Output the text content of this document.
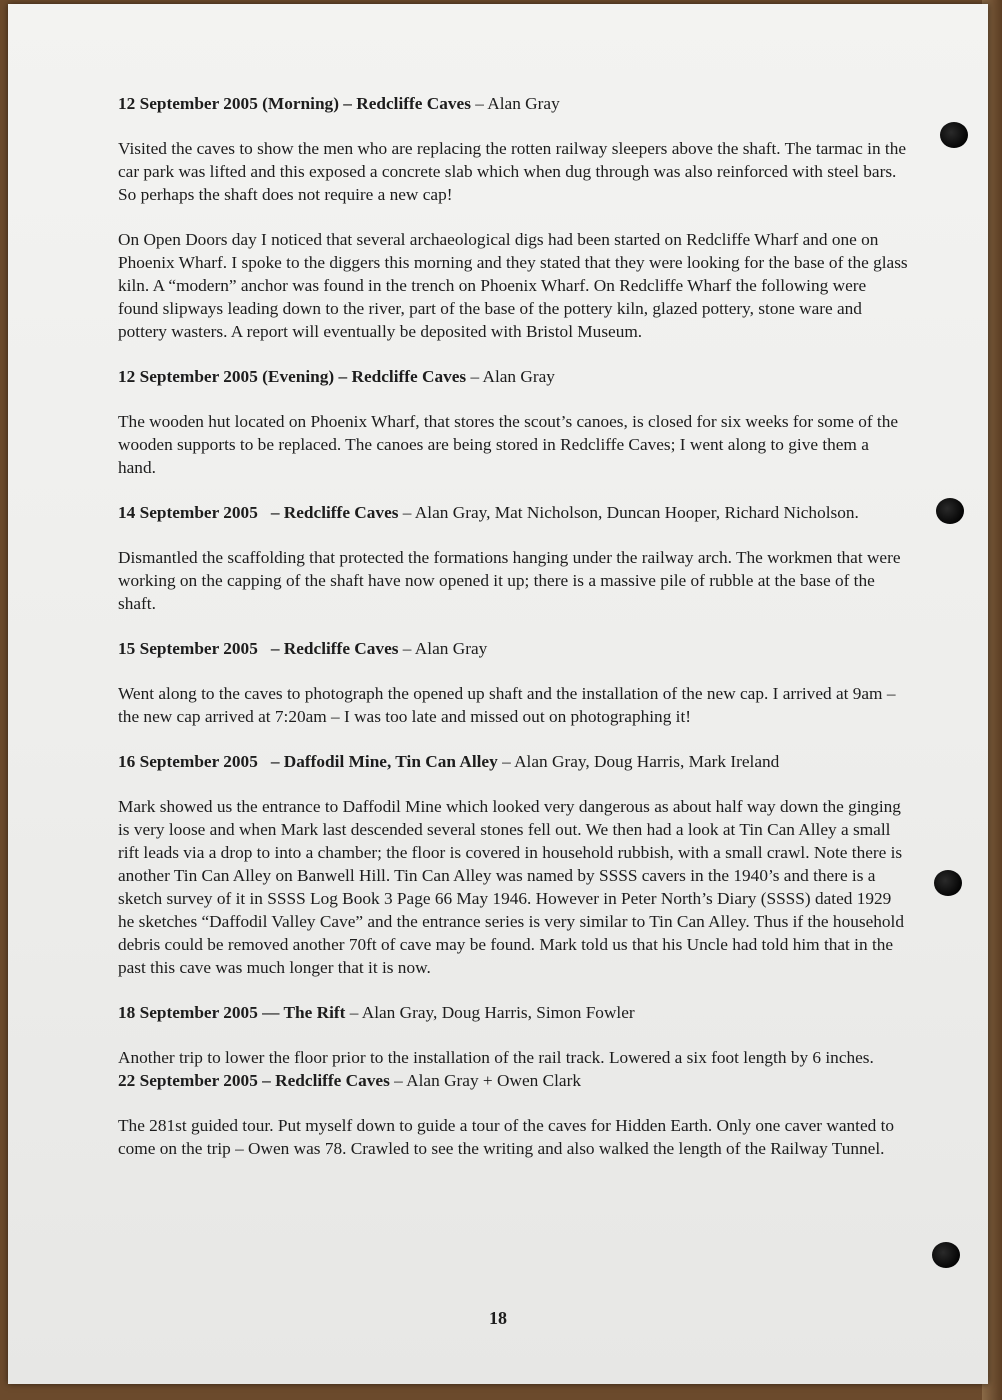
12 September 2005 (Morning) – Redcliffe Caves – Alan Gray

Visited the caves to show the men who are replacing the rotten railway sleepers above the shaft. The tarmac in the car park was lifted and this exposed a concrete slab which when dug through was also reinforced with steel bars. So perhaps the shaft does not require a new cap!

On Open Doors day I noticed that several archaeological digs had been started on Redcliffe Wharf and one on Phoenix Wharf. I spoke to the diggers this morning and they stated that they were looking for the base of the glass kiln. A “modern” anchor was found in the trench on Phoenix Wharf. On Redcliffe Wharf the following were found slipways leading down to the river, part of the base of the pottery kiln, glazed pottery, stone ware and pottery wasters. A report will eventually be deposited with Bristol Museum.

12 September 2005 (Evening) – Redcliffe Caves – Alan Gray

The wooden hut located on Phoenix Wharf, that stores the scout’s canoes, is closed for six weeks for some of the wooden supports to be replaced. The canoes are being stored in Redcliffe Caves; I went along to give them a hand.

14 September 2005 – Redcliffe Caves – Alan Gray, Mat Nicholson, Duncan Hooper, Richard Nicholson.

Dismantled the scaffolding that protected the formations hanging under the railway arch. The workmen that were working on the capping of the shaft have now opened it up; there is a massive pile of rubble at the base of the shaft.

15 September 2005 – Redcliffe Caves – Alan Gray

Went along to the caves to photograph the opened up shaft and the installation of the new cap. I arrived at 9am – the new cap arrived at 7:20am – I was too late and missed out on photographing it!

16 September 2005 – Daffodil Mine, Tin Can Alley – Alan Gray, Doug Harris, Mark Ireland

Mark showed us the entrance to Daffodil Mine which looked very dangerous as about half way down the ginging is very loose and when Mark last descended several stones fell out. We then had a look at Tin Can Alley a small rift leads via a drop to into a chamber; the floor is covered in household rubbish, with a small crawl. Note there is another Tin Can Alley on Banwell Hill. Tin Can Alley was named by SSSS cavers in the 1940’s and there is a sketch survey of it in SSSS Log Book 3 Page 66 May 1946. However in Peter North’s Diary (SSSS) dated 1929 he sketches “Daffodil Valley Cave” and the entrance series is very similar to Tin Can Alley. Thus if the household debris could be removed another 70ft of cave may be found. Mark told us that his Uncle had told him that in the past this cave was much longer that it is now.

18 September 2005 — The Rift – Alan Gray, Doug Harris, Simon Fowler

Another trip to lower the floor prior to the installation of the rail track. Lowered a six foot length by 6 inches.

22 September 2005 – Redcliffe Caves – Alan Gray + Owen Clark

The 281st guided tour. Put myself down to guide a tour of the caves for Hidden Earth. Only one caver wanted to come on the trip – Owen was 78. Crawled to see the writing and also walked the length of the Railway Tunnel.

18
